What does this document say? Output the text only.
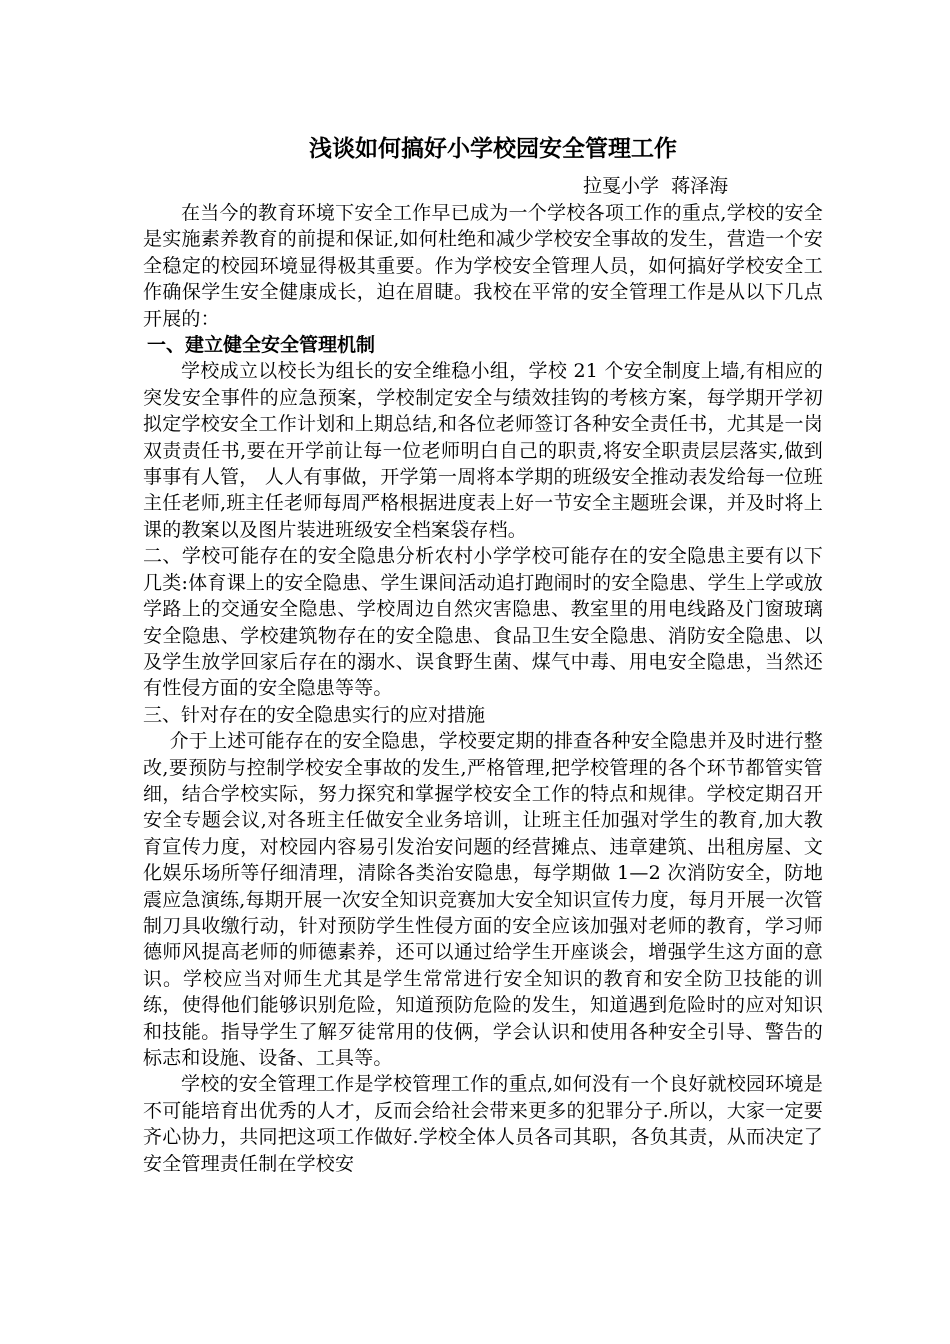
浅谈如何搞好小学校园安全管理工作

拉戛小学  蒋泽海

在当今的教育环境下安全工作早已成为一个学校各项工作的重点,学校的安全是实施素养教育的前提和保证,如何杜绝和减少学校安全事故的发生，营造一个安全稳定的校园环境显得极其重要。作为学校安全管理人员，如何搞好学校安全工作确保学生安全健康成长，迫在眉睫。我校在平常的安全管理工作是从以下几点开展的：

一、建立健全安全管理机制

学校成立以校长为组长的安全维稳小组，学校 21 个安全制度上墙,有相应的突发安全事件的应急预案，学校制定安全与绩效挂钩的考核方案，每学期开学初拟定学校安全工作计划和上期总结,和各位老师签订各种安全责任书，尤其是一岗双责责任书,要在开学前让每一位老师明白自己的职责,将安全职责层层落实,做到事事有人管， 人人有事做，开学第一周将本学期的班级安全推动表发给每一位班主任老师,班主任老师每周严格根据进度表上好一节安全主题班会课，并及时将上课的教案以及图片装进班级安全档案袋存档。

二、学校可能存在的安全隐患分析农村小学学校可能存在的安全隐患主要有以下几类:体育课上的安全隐患、学生课间活动追打跑闹时的安全隐患、学生上学或放学路上的交通安全隐患、学校周边自然灾害隐患、教室里的用电线路及门窗玻璃安全隐患、学校建筑物存在的安全隐患、食品卫生安全隐患、消防安全隐患、以及学生放学回家后存在的溺水、误食野生菌、煤气中毒、用电安全隐患，当然还有性侵方面的安全隐患等等。

三、针对存在的安全隐患实行的应对措施

介于上述可能存在的安全隐患，学校要定期的排查各种安全隐患并及时进行整改,要预防与控制学校安全事故的发生,严格管理,把学校管理的各个环节都管实管细，结合学校实际，努力探究和掌握学校安全工作的特点和规律。学校定期召开安全专题会议,对各班主任做安全业务培训，让班主任加强对学生的教育,加大教育宣传力度，对校园内容易引发治安问题的经营摊点、违章建筑、出租房屋、文化娱乐场所等仔细清理，清除各类治安隐患，每学期做 1—2 次消防安全，防地震应急演练,每期开展一次安全知识竞赛加大安全知识宣传力度，每月开展一次管制刀具收缴行动，针对预防学生性侵方面的安全应该加强对老师的教育，学习师德师风提高老师的师德素养，还可以通过给学生开座谈会，增强学生这方面的意识。学校应当对师生尤其是学生常常进行安全知识的教育和安全防卫技能的训练，使得他们能够识别危险，知道预防危险的发生，知道遇到危险时的应对知识和技能。指导学生了解歹徒常用的伎俩，学会认识和使用各种安全引导、警告的标志和设施、设备、工具等。

学校的安全管理工作是学校管理工作的重点,如何没有一个良好就校园环境是不可能培育出优秀的人才，反而会给社会带来更多的犯罪分子.所以，大家一定要齐心协力，共同把这项工作做好.学校全体人员各司其职，各负其责，从而决定了安全管理责任制在学校安
